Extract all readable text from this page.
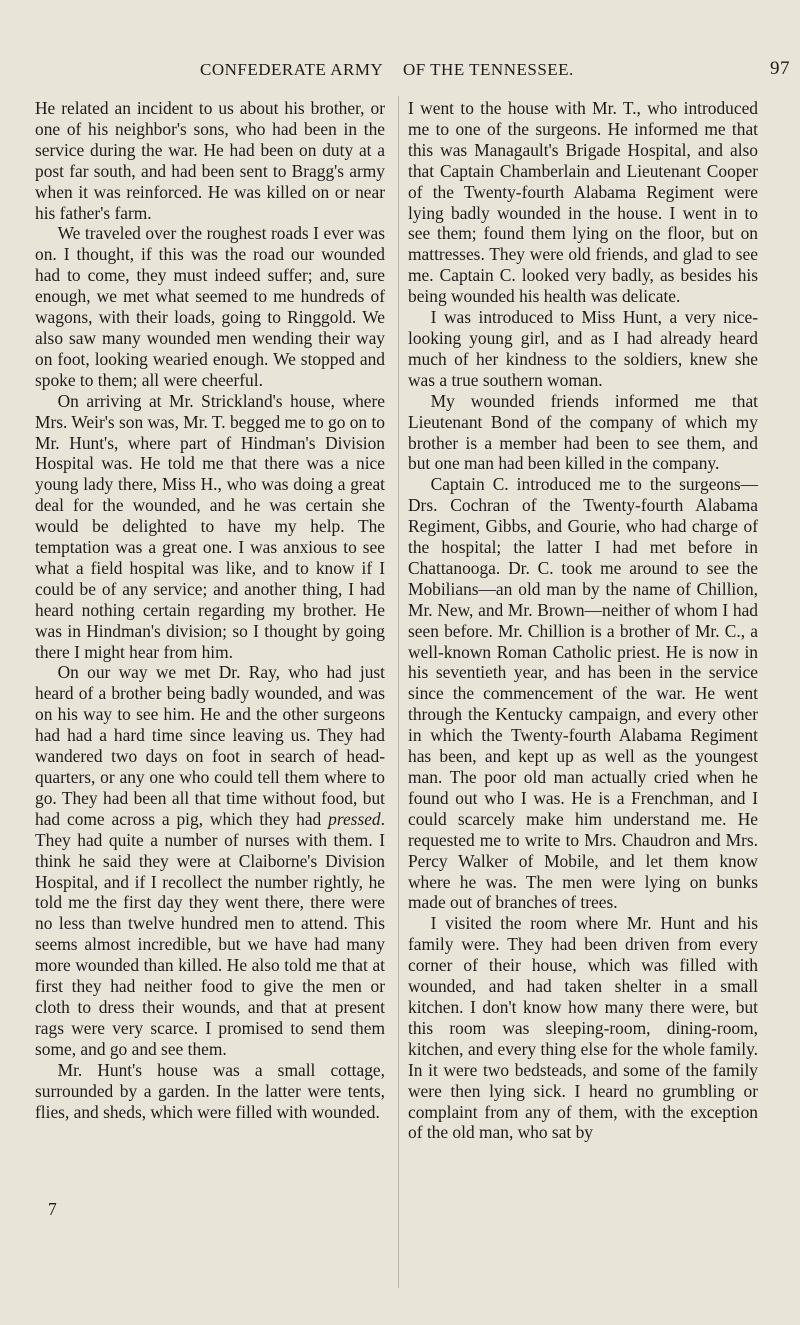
CONFEDERATE ARMY OF THE TENNESSEE.	97

He related an incident to us about his brother, or one of his neighbor's sons, who had been in the service during the war. He had been on duty at a post far south, and had been sent to Bragg's army when it was reinforced. He was killed on or near his father's farm.

We traveled over the roughest roads I ever was on. I thought, if this was the road our wounded had to come, they must indeed suffer; and, sure enough, we met what seemed to me hundreds of wagons, with their loads, going to Ringgold. We also saw many wounded men wending their way on foot, looking wearied enough. We stopped and spoke to them; all were cheerful.

On arriving at Mr. Strickland's house, where Mrs. Weir's son was, Mr. T. begged me to go on to Mr. Hunt's, where part of Hindman's Division Hospital was. He told me that there was a nice young lady there, Miss H., who was doing a great deal for the wounded, and he was certain she would be delighted to have my help. The temptation was a great one. I was anxious to see what a field hospital was like, and to know if I could be of any service; and another thing, I had heard nothing certain regarding my brother. He was in Hindman's division; so I thought by going there I might hear from him.

On our way we met Dr. Ray, who had just heard of a brother being badly wounded, and was on his way to see him. He and the other surgeons had had a hard time since leaving us. They had wandered two days on foot in search of head-quarters, or any one who could tell them where to go. They had been all that time without food, but had come across a pig, which they had pressed. They had quite a number of nurses with them. I think he said they were at Claiborne's Division Hospital, and if I recollect the number rightly, he told me the first day they went there, there were no less than twelve hundred men to attend. This seems almost incredible, but we have had many more wounded than killed. He also told me that at first they had neither food to give the men or cloth to dress their wounds, and that at present rags were very scarce. I promised to send them some, and go and see them.

Mr. Hunt's house was a small cottage, surrounded by a garden. In the latter were tents, flies, and sheds, which were filled with wounded.

7

I went to the house with Mr. T., who introduced me to one of the surgeons. He informed me that this was Managault's Brigade Hospital, and also that Captain Chamberlain and Lieutenant Cooper of the Twenty-fourth Alabama Regiment were lying badly wounded in the house. I went in to see them; found them lying on the floor, but on mattresses. They were old friends, and glad to see me. Captain C. looked very badly, as besides his being wounded his health was delicate.

I was introduced to Miss Hunt, a very nice-looking young girl, and as I had already heard much of her kindness to the soldiers, knew she was a true southern woman.

My wounded friends informed me that Lieutenant Bond of the company of which my brother is a member had been to see them, and but one man had been killed in the company.

Captain C. introduced me to the surgeons—Drs. Cochran of the Twenty-fourth Alabama Regiment, Gibbs, and Gourie, who had charge of the hospital; the latter I had met before in Chattanooga. Dr. C. took me around to see the Mobilians—an old man by the name of Chillion, Mr. New, and Mr. Brown—neither of whom I had seen before. Mr. Chillion is a brother of Mr. C., a well-known Roman Catholic priest. He is now in his seventieth year, and has been in the service since the commencement of the war. He went through the Kentucky campaign, and every other in which the Twenty-fourth Alabama Regiment has been, and kept up as well as the youngest man. The poor old man actually cried when he found out who I was. He is a Frenchman, and I could scarcely make him understand me. He requested me to write to Mrs. Chaudron and Mrs. Percy Walker of Mobile, and let them know where he was. The men were lying on bunks made out of branches of trees.

I visited the room where Mr. Hunt and his family were. They had been driven from every corner of their house, which was filled with wounded, and had taken shelter in a small kitchen. I don't know how many there were, but this room was sleeping-room, dining-room, kitchen, and every thing else for the whole family. In it were two bedsteads, and some of the family were then lying sick. I heard no grumbling or complaint from any of them, with the exception of the old man, who sat by
